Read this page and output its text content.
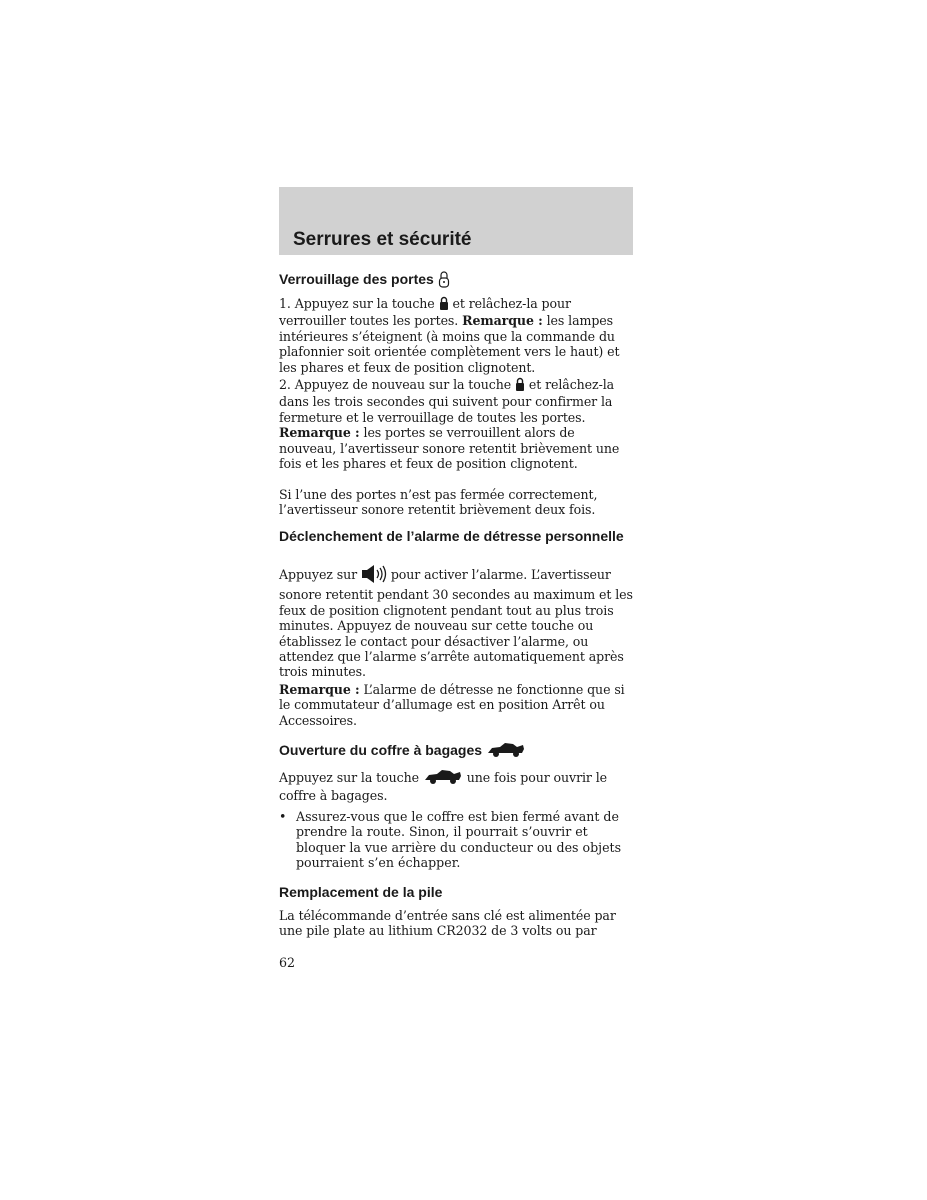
Serrures et sécurité
Verrouillage des portes

1. Appuyez sur la touche et relâchez-la pour verrouiller toutes les portes. Remarque : les lampes intérieures s’éteignent (à moins que la commande du plafonnier soit orientée complètement vers le haut) et les phares et feux de position clignotent.

2. Appuyez de nouveau sur la touche et relâchez-la dans les trois secondes qui suivent pour confirmer la fermeture et le verrouillage de toutes les portes. Remarque : les portes se verrouillent alors de nouveau, l’avertisseur sonore retentit brièvement une fois et les phares et feux de position clignotent.

Si l’une des portes n’est pas fermée correctement, l’avertisseur sonore retentit brièvement deux fois.

Déclenchement de l’alarme de détresse personnelle

Appuyez sur	pour activer l’alarme. L’avertisseur sonore retentit pendant 30 secondes au maximum et les feux de position clignotent pendant tout au plus trois minutes. Appuyez de nouveau sur cette touche ou établissez le contact pour désactiver l’alarme, ou attendez que l’alarme s’arrête automatiquement après trois minutes.

Remarque : L’alarme de détresse ne fonctionne que si le commutateur d’allumage est en position Arrêt ou Accessoires.

Ouverture du coffre à bagages

Appuyez sur la touche	une fois pour ouvrir le coffre à bagages.

• Assurez-vous que le coffre est bien fermé avant de prendre la route. Sinon, il pourrait s’ouvrir et bloquer la vue arrière du conducteur ou des objets pourraient s’en échapper.
Remplacement de la pile

La télécommande d’entrée sans clé est alimentée par une pile plate au lithium CR2032 de 3 volts ou par

62
